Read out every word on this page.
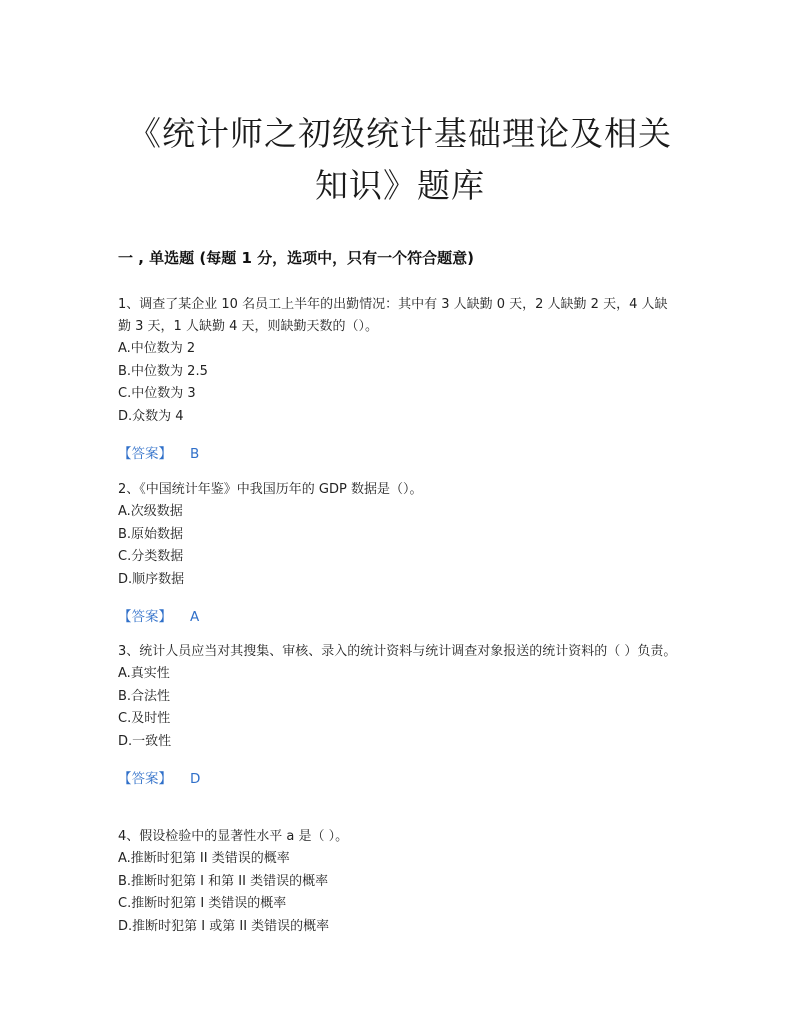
《统计师之初级统计基础理论及相关
知识》题库
一 , 单选题 (每题 1 分，选项中，只有一个符合题意)

1、调查了某企业 10 名员工上半年的出勤情况：其中有 3 人缺勤 0 天，2 人缺勤 2 天，4 人缺勤 3 天，1 人缺勤 4 天，则缺勤天数的（）。

A.中位数为 2

B.中位数为 2.5

C.中位数为 3

D.众数为 4

【答案】 B

2、《中国统计年鉴》中我国历年的 GDP 数据是（）。

A.次级数据

B.原始数据

C.分类数据

D.顺序数据

【答案】 A

3、统计人员应当对其搜集、审核、录入的统计资料与统计调查对象报送的统计资料的（ ）负责。

A.真实性

B.合法性

C.及时性

D.一致性

【答案】 D

4、假设检验中的显著性水平 a 是（ ）。

A.推断时犯第 II 类错误的概率

B.推断时犯第 I 和第 II 类错误的概率

C.推断时犯第 I 类错误的概率

D.推断时犯第 I 或第 II 类错误的概率
